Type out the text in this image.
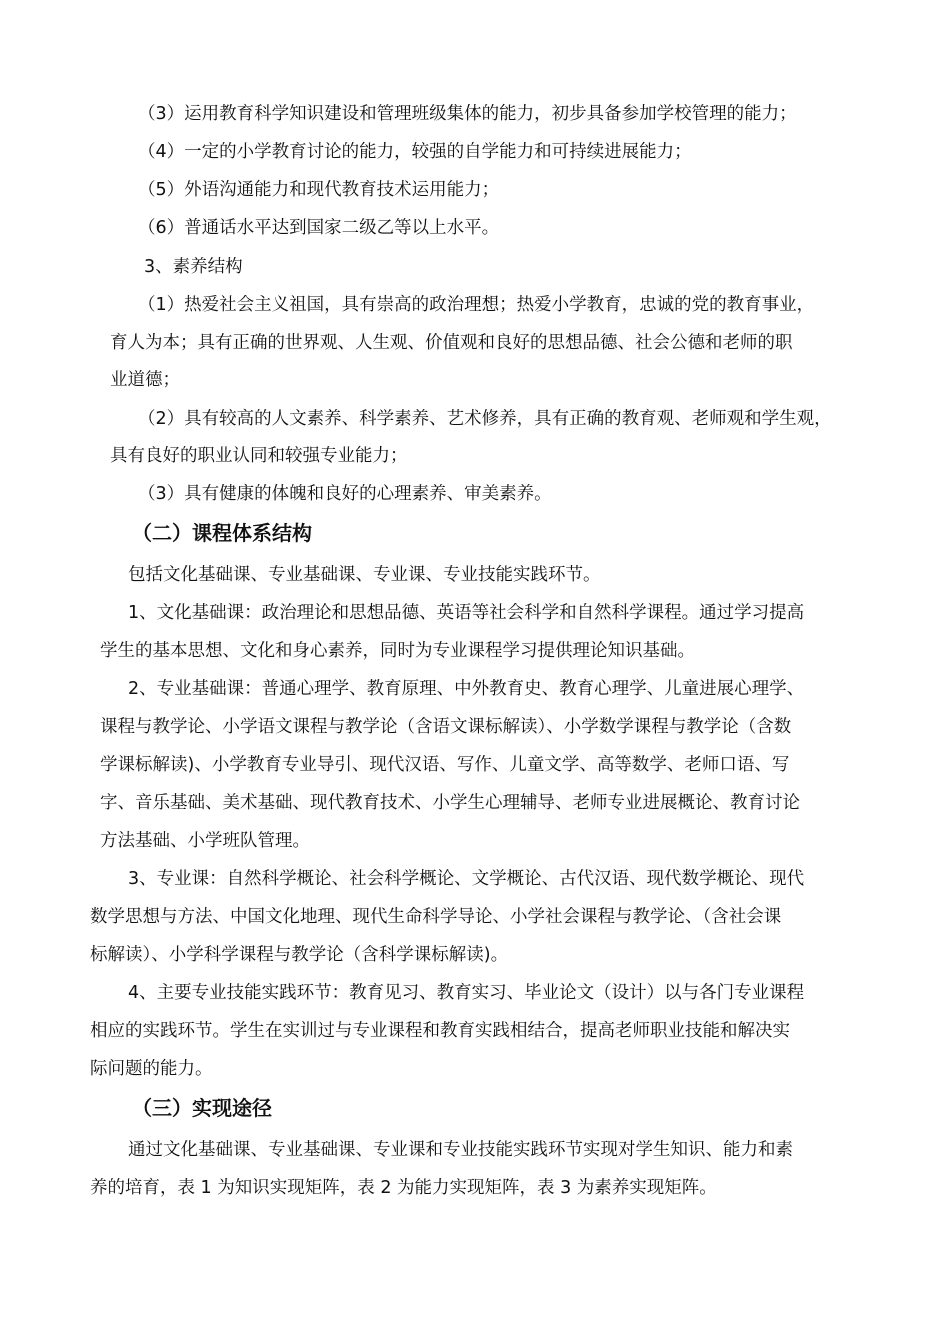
（3）运用教育科学知识建设和管理班级集体的能力，初步具备参加学校管理的能力；

（4）一定的小学教育讨论的能力，较强的自学能力和可持续进展能力；

（5）外语沟通能力和现代教育技术运用能力；

（6）普通话水平达到国家二级乙等以上水平。

3、素养结构

（1）热爱社会主义祖国，具有崇高的政治理想；热爱小学教育，忠诚的党的教育事业，

育人为本；具有正确的世界观、人生观、价值观和良好的思想品德、社会公德和老师的职

业道德；

（2）具有较高的人文素养、科学素养、艺术修养，具有正确的教育观、老师观和学生观，

具有良好的职业认同和较强专业能力；

（3）具有健康的体魄和良好的心理素养、审美素养。

（二）课程体系结构

包括文化基础课、专业基础课、专业课、专业技能实践环节。

1、文化基础课：政治理论和思想品德、英语等社会科学和自然科学课程。通过学习提高

学生的基本思想、文化和身心素养，同时为专业课程学习提供理论知识基础。

2、专业基础课：普通心理学、教育原理、中外教育史、教育心理学、儿童进展心理学、

课程与教学论、小学语文课程与教学论（含语文课标解读）、小学数学课程与教学论（含数

学课标解读)、小学教育专业导引、现代汉语、写作、儿童文学、高等数学、老师口语、写

字、音乐基础、美术基础、现代教育技术、小学生心理辅导、老师专业进展概论、教育讨论

方法基础、小学班队管理。

3、专业课：自然科学概论、社会科学概论、文学概论、古代汉语、现代数学概论、现代

数学思想与方法、中国文化地理、现代生命科学导论、小学社会课程与教学论、（含社会课

标解读）、小学科学课程与教学论（含科学课标解读)。

4、主要专业技能实践环节：教育见习、教育实习、毕业论文（设计）以与各门专业课程

相应的实践环节。学生在实训过与专业课程和教育实践相结合，提高老师职业技能和解决实

际问题的能力。

（三）实现途径

通过文化基础课、专业基础课、专业课和专业技能实践环节实现对学生知识、能力和素

养的培育，表 1 为知识实现矩阵，表 2 为能力实现矩阵，表 3 为素养实现矩阵。
